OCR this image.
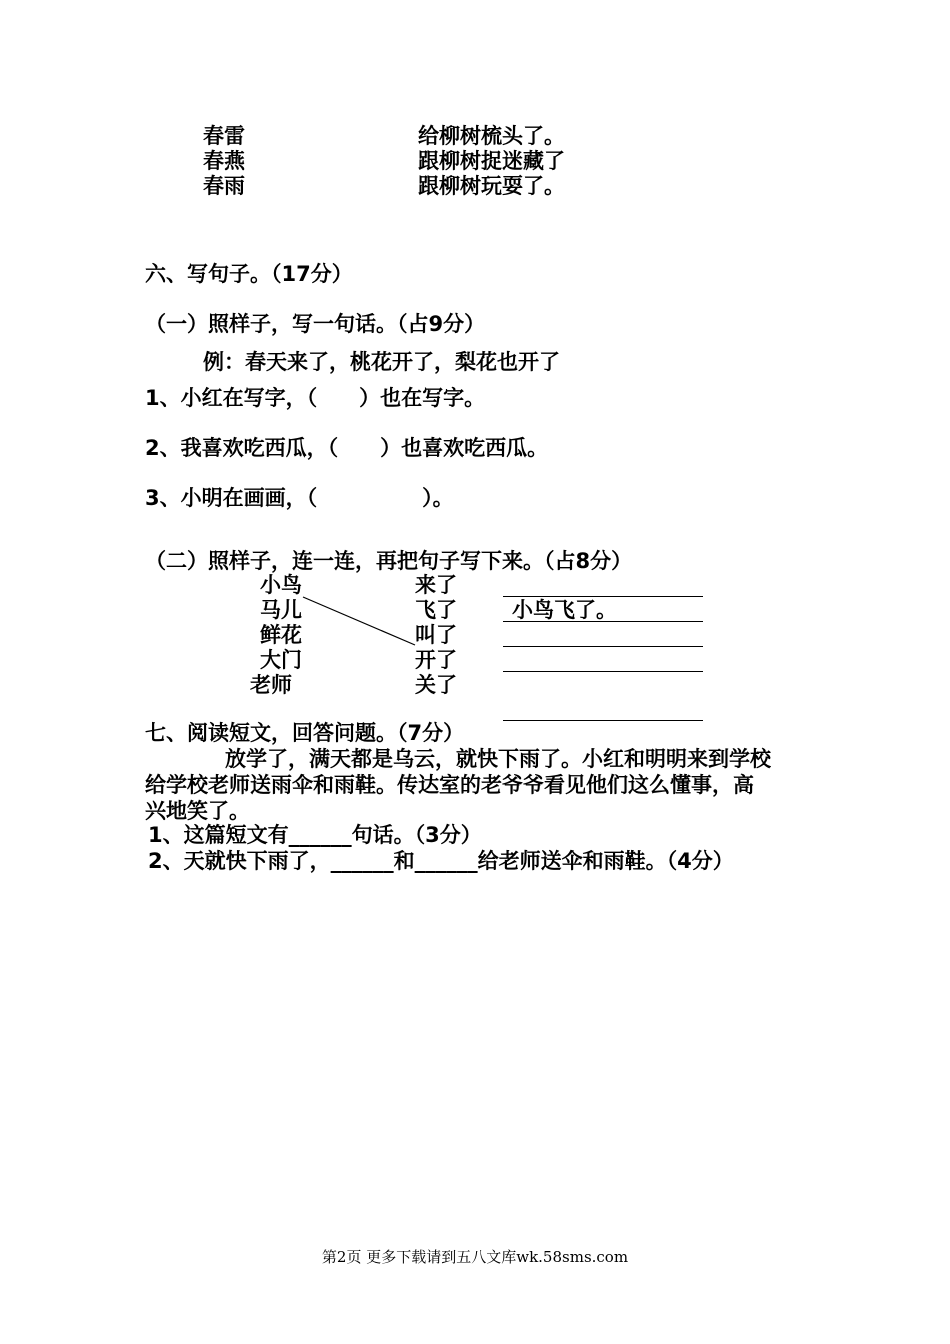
春雷
春燕
春雨
给柳树梳头了。
跟柳树捉迷藏了
跟柳树玩耍了。
六、写句子。（17分）
（一）照样子，写一句话。（占9分）
例：春天来了，桃花开了，梨花也开了
1、小红在写字，（　　）也在写字。
2、我喜欢吃西瓜，（　　）也喜欢吃西瓜。
3、小明在画画，（　　　　　）。
（二）照样子，连一连，再把句子写下来。（占8分）
小鸟
马儿
鲜花
大门
老师
来了
飞了
叫了
开了
关了
小鸟飞了。
七、阅读短文，回答问题。（7分）
放学了，满天都是乌云，就快下雨了。小红和明明来到学校
给学校老师送雨伞和雨鞋。传达室的老爷爷看见他们这么懂事，高
兴地笑了。
1、这篇短文有______句话。（3分）
2、天就快下雨了，______和______给老师送伞和雨鞋。（4分）
第2页 更多下载请到五八文库wk.58sms.com
